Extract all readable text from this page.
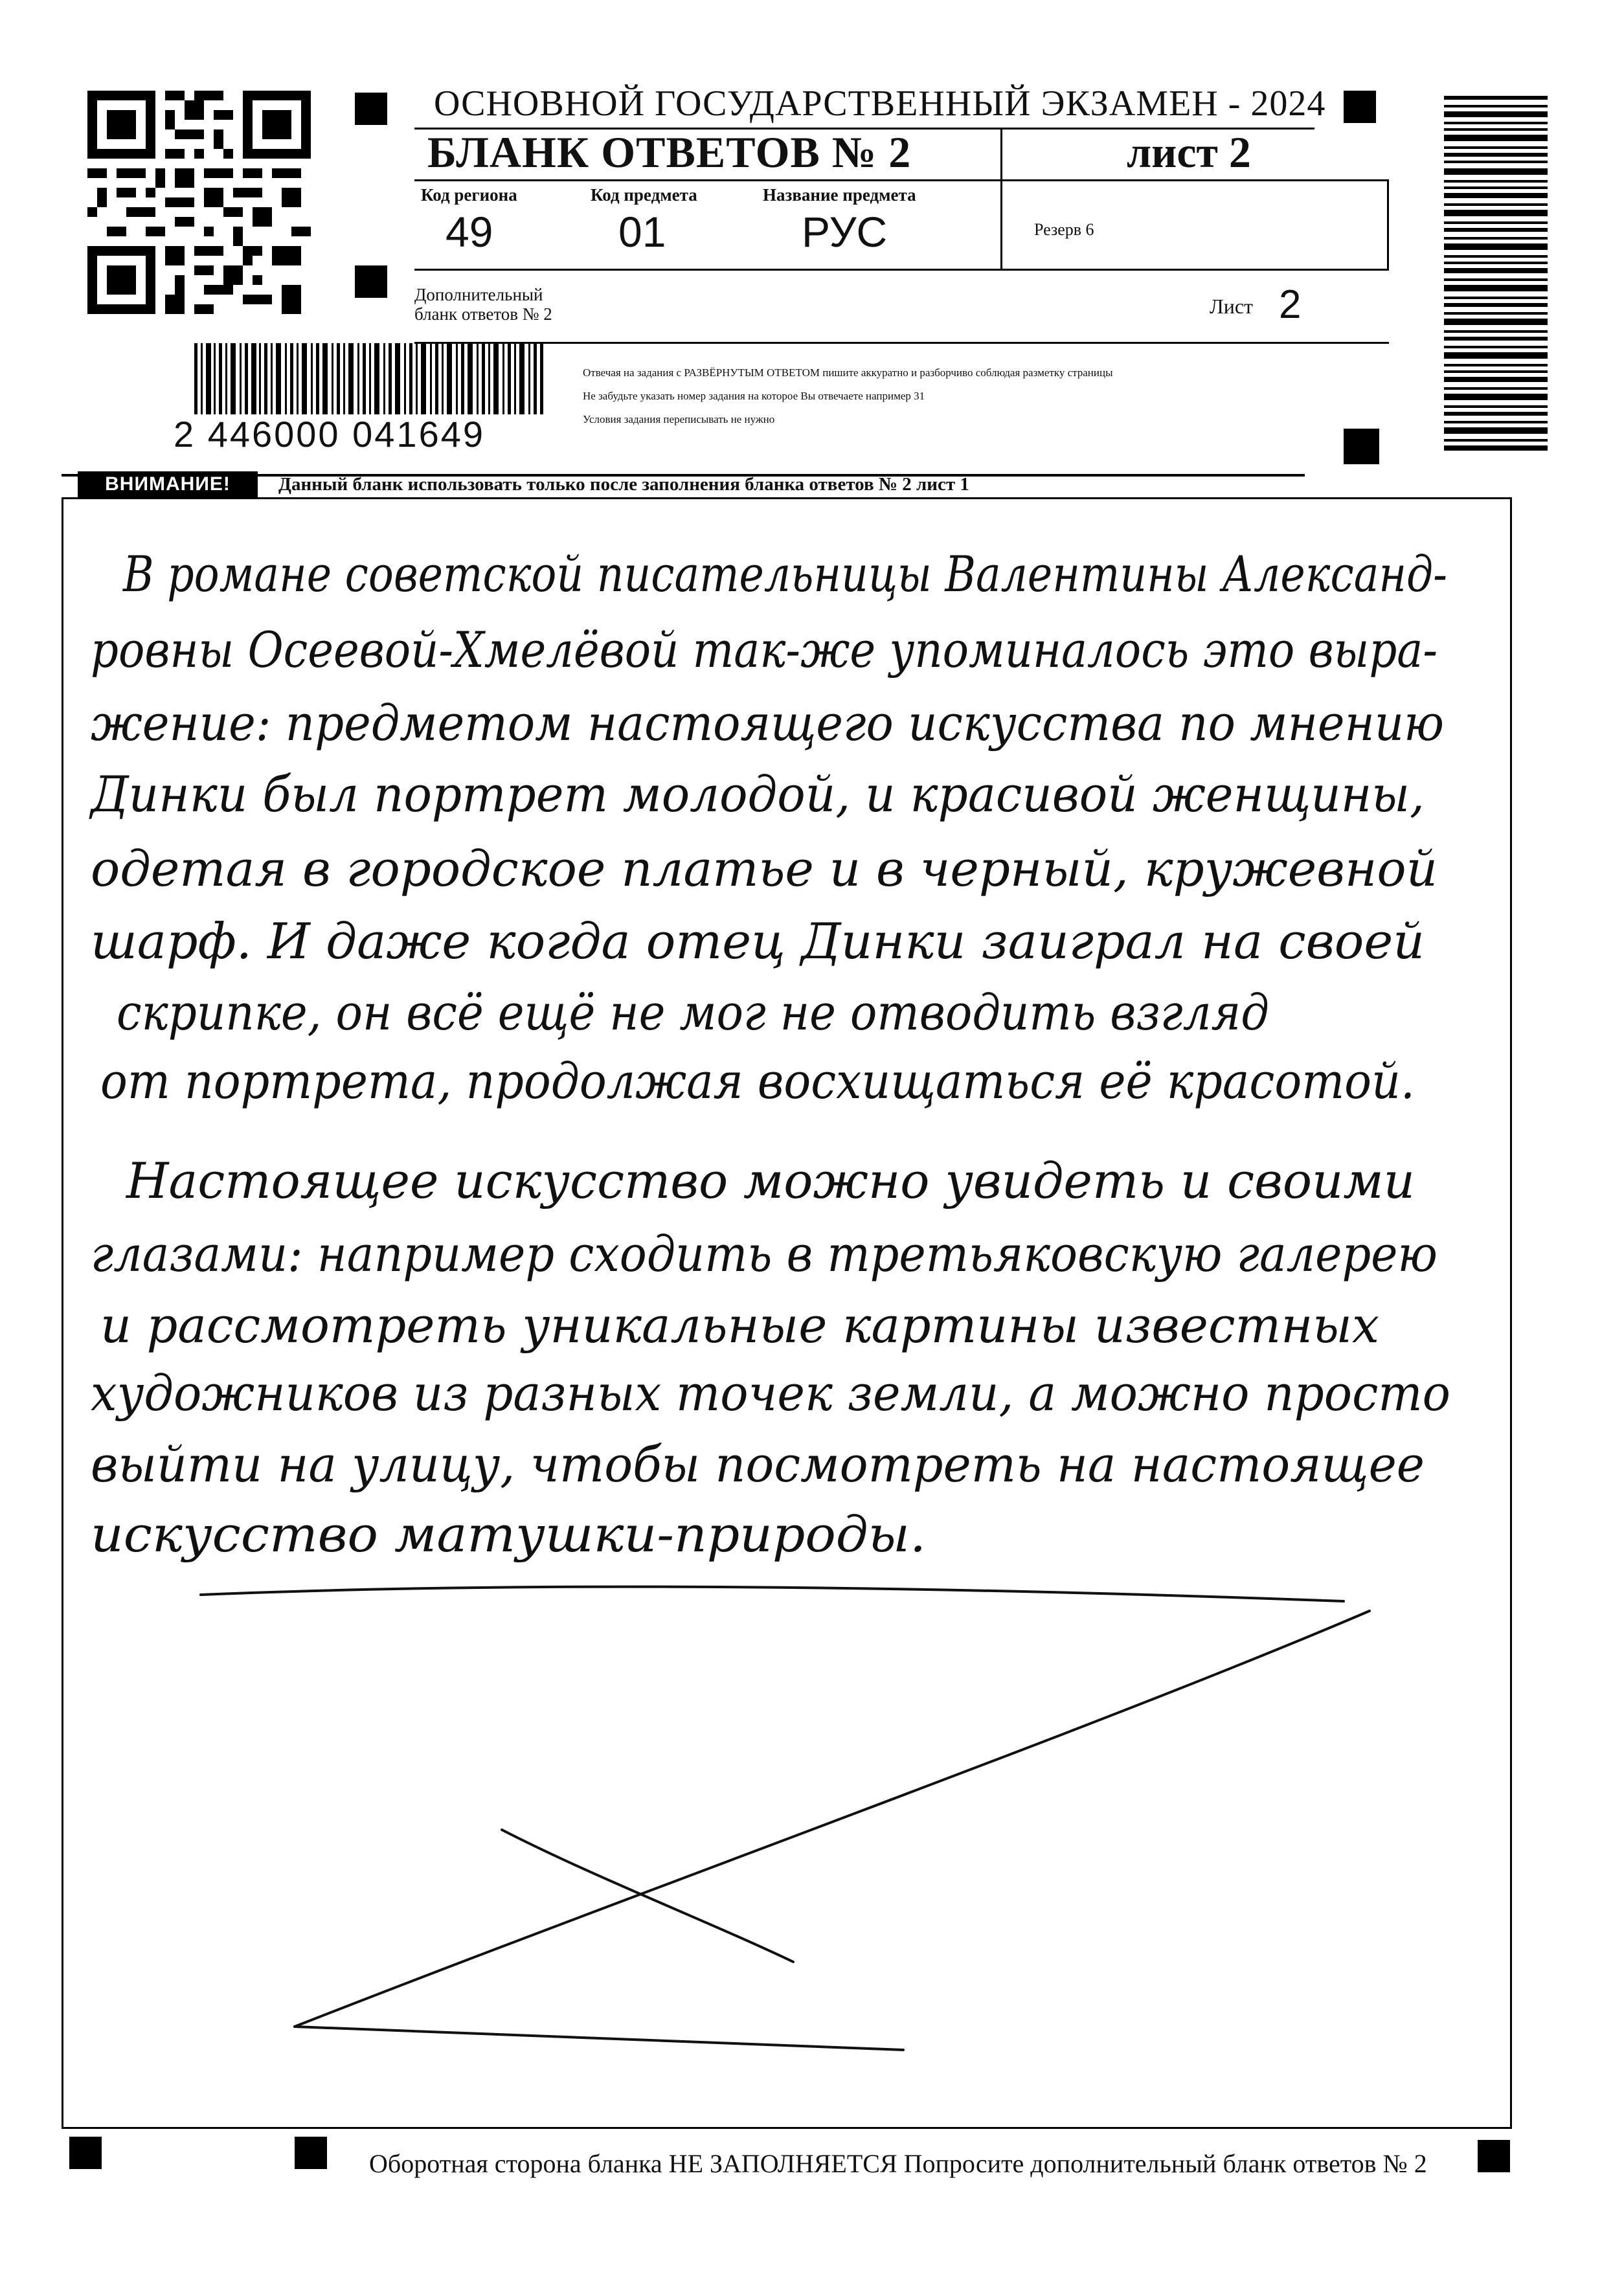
ОСНОВНОЙ ГОСУДАРСТВЕННЫЙ ЭКЗАМЕН - 2024
БЛАНК ОТВЕТОВ № 2	лист 2
Код региона	Код предмета	Название предмета
49	01	РУС	Резерв 6
Дополнительный
бланк ответов № 2	Лист 2
Отвечая на задания с РАЗВЁРНУТЫМ ОТВЕТОМ пишите аккуратно и разборчиво соблюдая разметку страницы
Не забудьте указать номер задания на которое Вы отвечаете например 31
Условия задания переписывать не нужно
2 446000 041649
ВНИМАНИЕ!	Данный бланк использовать только после заполнения бланка ответов № 2 лист 1
В романе советской писательницы Валентины Александ-
ровны Осеевой-Хмелёвой так-же упоминалось это выра-
жение: предметом настоящего искусства по мнению
Динки был портрет молодой, и красивой женщины,
одетая в городское платье и в черный, кружевной
шарф. И даже когда отец Динки заиграл на своей
скрипке, он всё ещё не мог не отводить взгляд
от портрета, продолжая восхищаться её красотой.
Настоящее искусство можно увидеть и своими
глазами: например сходить в третьяковскую галерею
и рассмотреть уникальные картины известных
художников из разных точек земли, а можно просто
выйти на улицу, чтобы посмотреть на настоящее
искусство матушки-природы.
Оборотная сторона бланка НЕ ЗАПОЛНЯЕТСЯ Попросите дополнительный бланк ответов № 2
